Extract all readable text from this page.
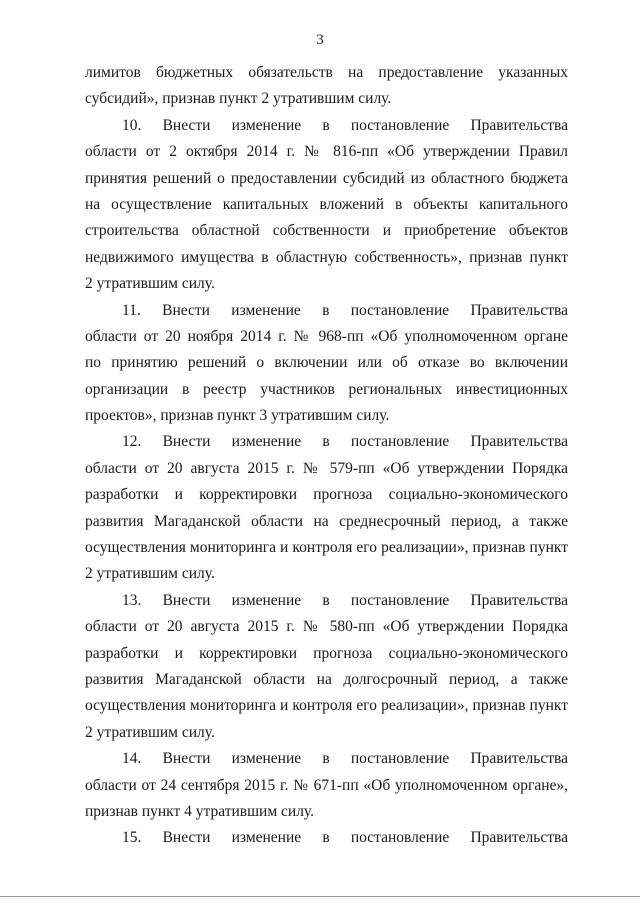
3
лимитов бюджетных обязательств на предоставление указанных
субсидий», признав пункт 2 утратившим силу.
10. Внести изменение в постановление Правительства
области от 2 октября 2014 г. № 816-пп «Об утверждении Правил
принятия решений о предоставлении субсидий из областного бюджета
на осуществление капитальных вложений в объекты капитального
строительства областной собственности и приобретение объектов
недвижимого имущества в областную собственность», признав пункт
2 утратившим силу.
11. Внести изменение в постановление Правительства
области от 20 ноября 2014 г. № 968-пп «Об уполномоченном органе
по принятию решений о включении или об отказе во включении
организации в реестр участников региональных инвестиционных
проектов», признав пункт 3 утратившим силу.
12. Внести изменение в постановление Правительства
области от 20 августа 2015 г. № 579-пп «Об утверждении Порядка
разработки и корректировки прогноза социально-экономического
развития Магаданской области на среднесрочный период, а также
осуществления мониторинга и контроля его реализации», признав пункт
2 утратившим силу.
13. Внести изменение в постановление Правительства
области от 20 августа 2015 г. № 580-пп «Об утверждении Порядка
разработки и корректировки прогноза социально-экономического
развития Магаданской области на долгосрочный период, а также
осуществления мониторинга и контроля его реализации», признав пункт
2 утратившим силу.
14. Внести изменение в постановление Правительства
области от 24 сентября 2015 г. № 671-пп «Об уполномоченном органе»,
признав пункт 4 утратившим силу.
15. Внести изменение в постановление Правительства
